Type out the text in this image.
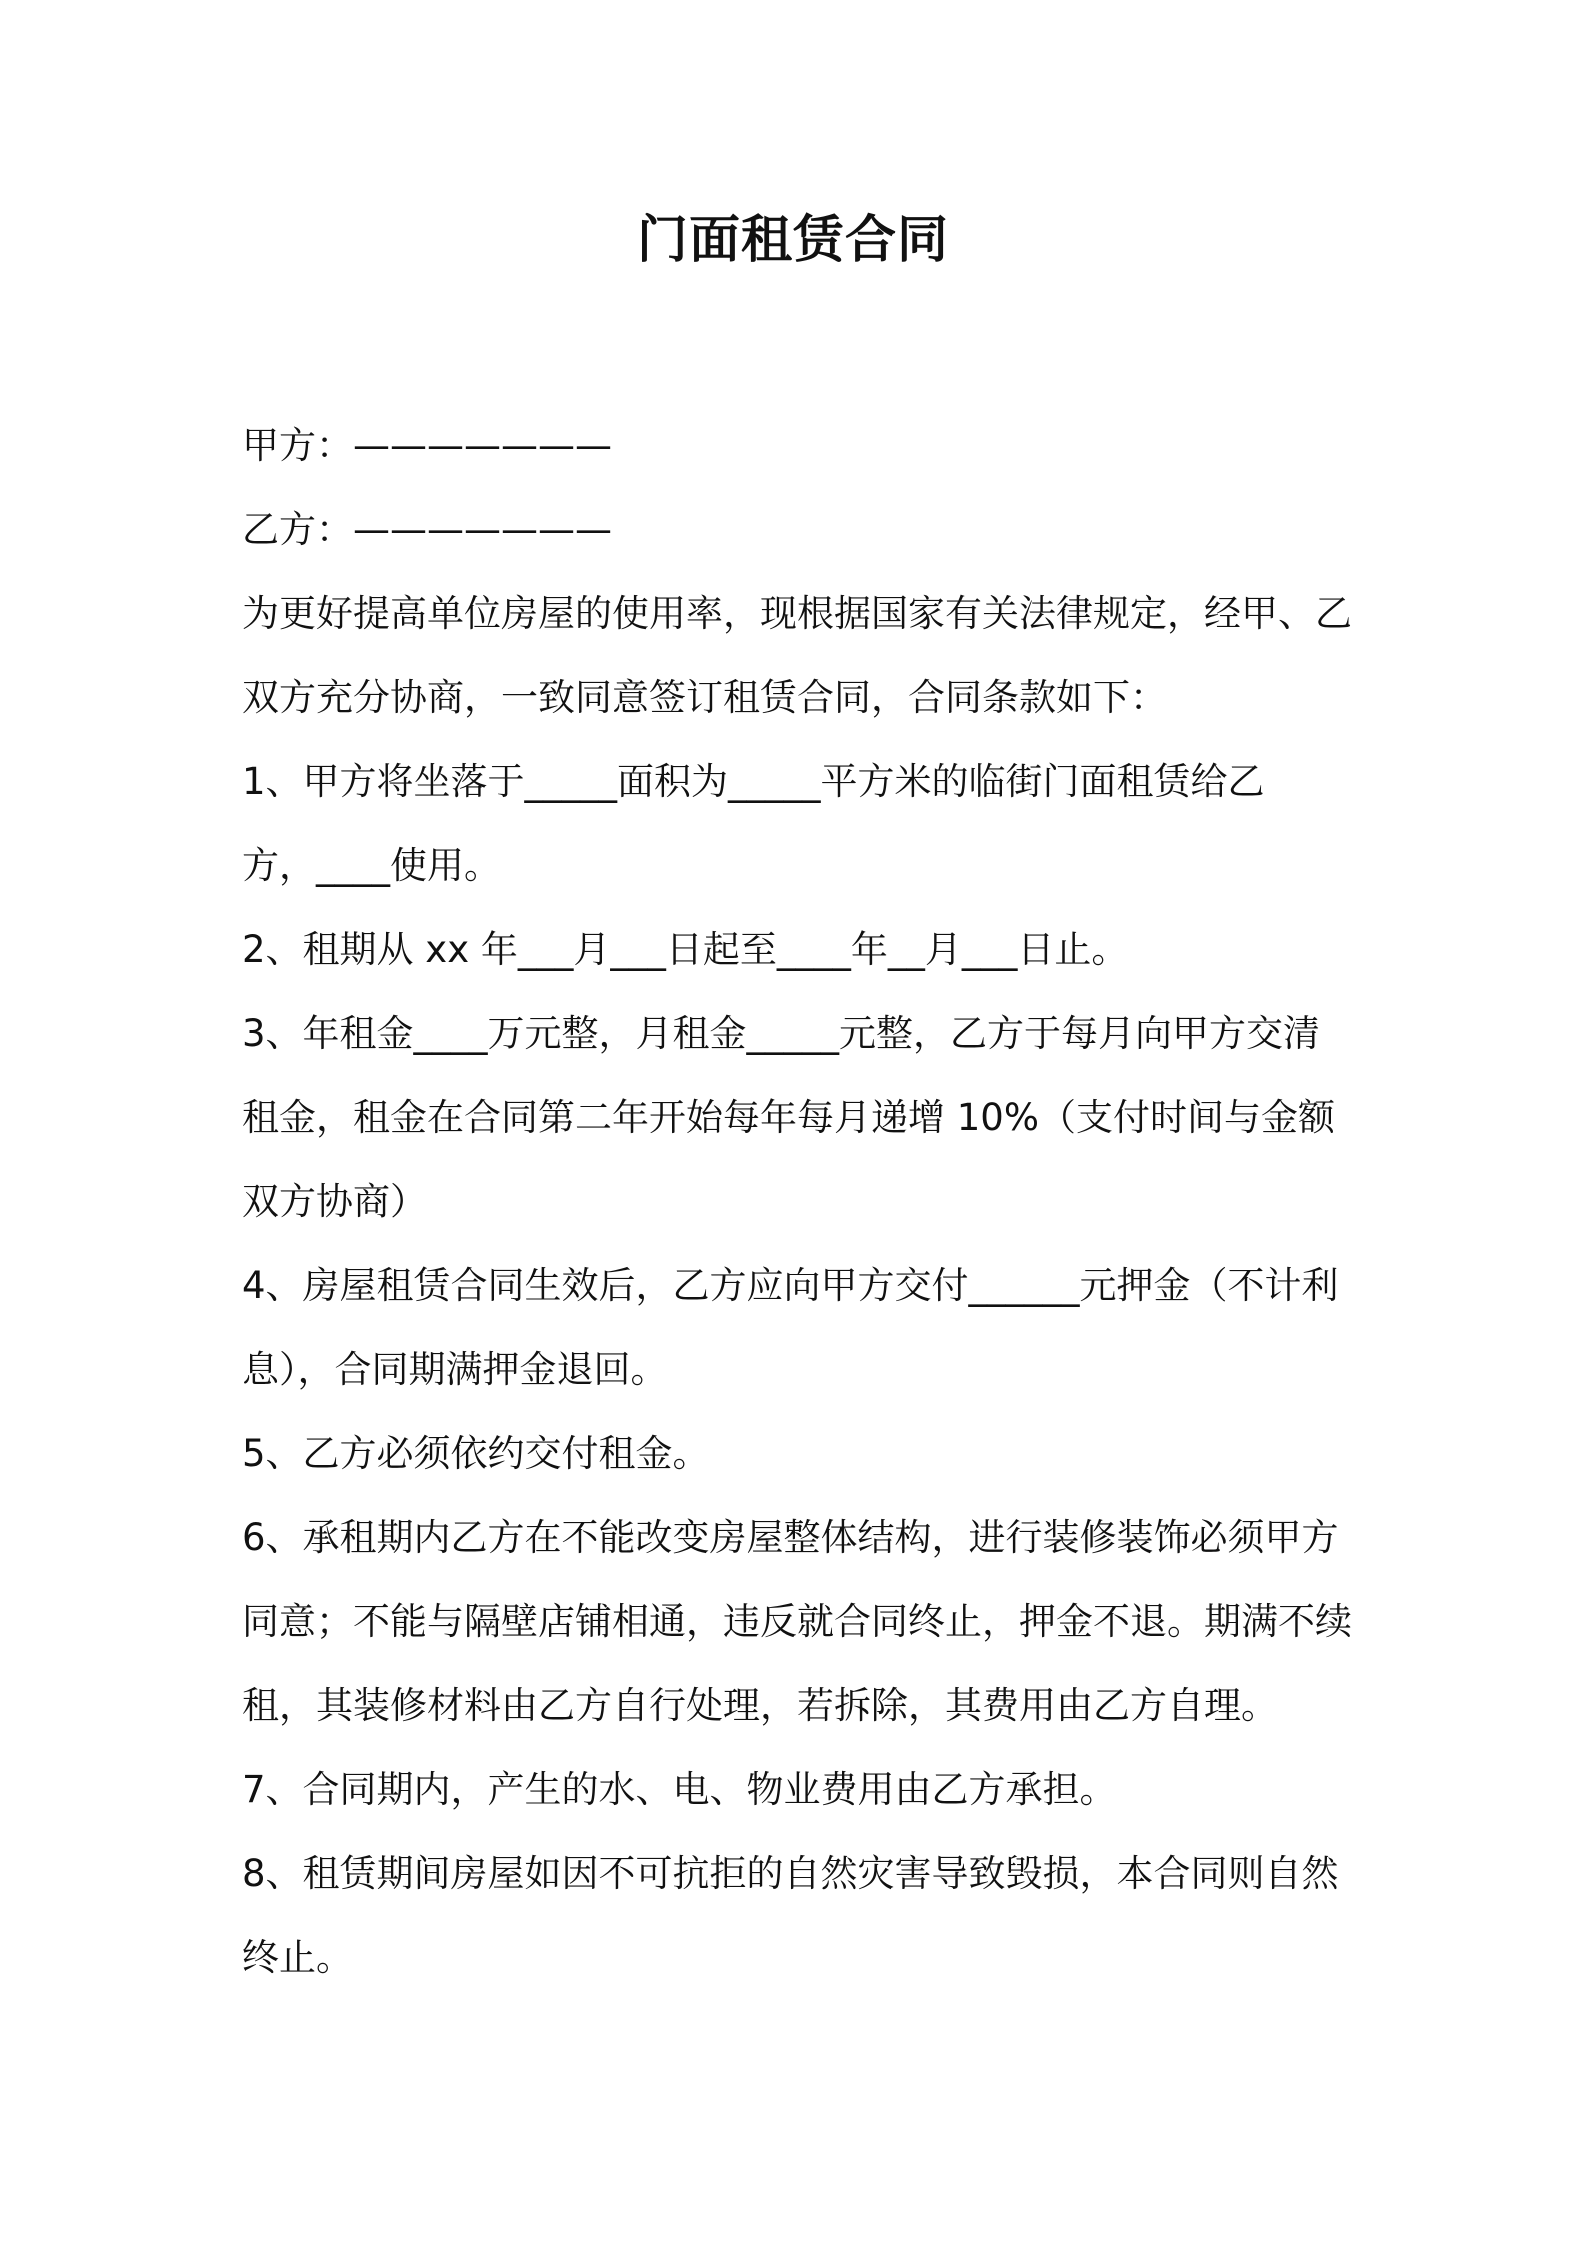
门面租赁合同
甲方：———————
乙方：———————
为更好提高单位房屋的使用率，现根据国家有关法律规定，经甲、乙
双方充分协商，一致同意签订租赁合同，合同条款如下：
1、甲方将坐落于_____面积为_____平方米的临街门面租赁给乙
方，____使用。
2、租期从 xx 年___月___日起至____年__月___日止。
3、年租金____万元整，月租金_____元整，乙方于每月向甲方交清
租金，租金在合同第二年开始每年每月递增 10%（支付时间与金额
双方协商）
4、房屋租赁合同生效后，乙方应向甲方交付______元押金（不计利
息），合同期满押金退回。
5、乙方必须依约交付租金。
6、承租期内乙方在不能改变房屋整体结构，进行装修装饰必须甲方
同意；不能与隔壁店铺相通，违反就合同终止，押金不退。期满不续
租，其装修材料由乙方自行处理，若拆除，其费用由乙方自理。
7、合同期内，产生的水、电、物业费用由乙方承担。
8、租赁期间房屋如因不可抗拒的自然灾害导致毁损，本合同则自然
终止。
